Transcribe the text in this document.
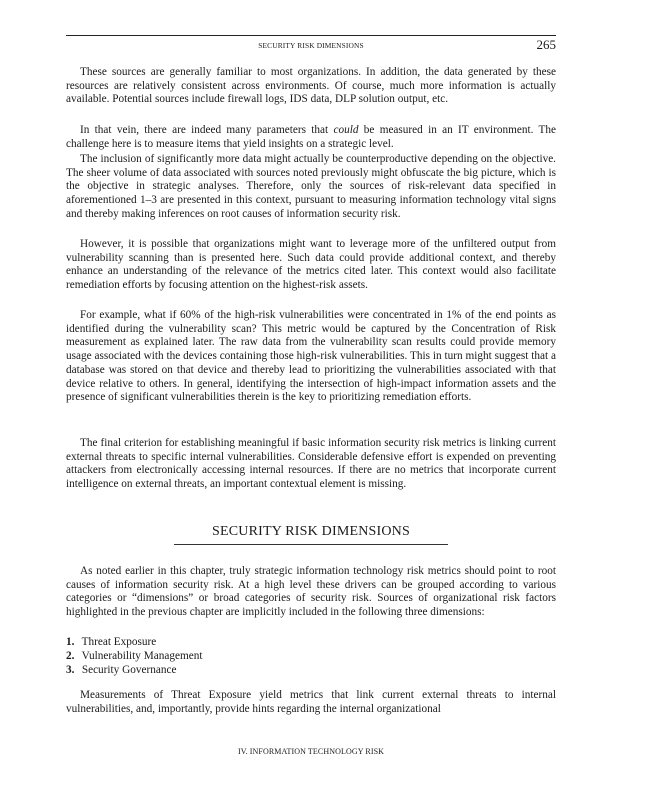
SECURITY RISK DIMENSIONS	265

These sources are generally familiar to most organizations. In addition, the data generated by these resources are relatively consistent across environments. Of course, much more information is actually available. Potential sources include firewall logs, IDS data, DLP solution output, etc.

In that vein, there are indeed many parameters that could be measured in an IT environment. The challenge here is to measure items that yield insights on a strategic level.

The inclusion of significantly more data might actually be counterproductive depending on the objective. The sheer volume of data associated with sources noted previously might obfuscate the big picture, which is the objective in strategic analyses. Therefore, only the sources of risk-relevant data specified in aforementioned 1–3 are presented in this context, pursuant to measuring information technology vital signs and thereby making inferences on root causes of information security risk.

However, it is possible that organizations might want to leverage more of the unfiltered output from vulnerability scanning than is presented here. Such data could provide additional context, and thereby enhance an understanding of the relevance of the metrics cited later. This context would also facilitate remediation efforts by focusing attention on the highest-risk assets.

For example, what if 60% of the high-risk vulnerabilities were concentrated in 1% of the end points as identified during the vulnerability scan? This metric would be captured by the Concentration of Risk measurement as explained later. The raw data from the vulnerability scan results could provide memory usage associated with the devices containing those high-risk vulnerabilities. This in turn might suggest that a database was stored on that device and thereby lead to prioritizing the vulnerabilities associated with that device relative to others. In general, identifying the intersection of high-impact information assets and the presence of significant vulnerabilities therein is the key to prioritizing remediation efforts.

The final criterion for establishing meaningful if basic information security risk metrics is linking current external threats to specific internal vulnerabilities. Considerable defensive effort is expended on preventing attackers from electronically accessing internal resources. If there are no metrics that incorporate current intelligence on external threats, an important contextual element is missing.

SECURITY RISK DIMENSIONS

As noted earlier in this chapter, truly strategic information technology risk metrics should point to root causes of information security risk. At a high level these drivers can be grouped according to various categories or “dimensions” or broad categories of security risk. Sources of organizational risk factors highlighted in the previous chapter are implicitly included in the following three dimensions:

1. Threat Exposure
2. Vulnerability Management
3. Security Governance

Measurements of Threat Exposure yield metrics that link current external threats to internal vulnerabilities, and, importantly, provide hints regarding the internal organizational

IV. INFORMATION TECHNOLOGY RISK
